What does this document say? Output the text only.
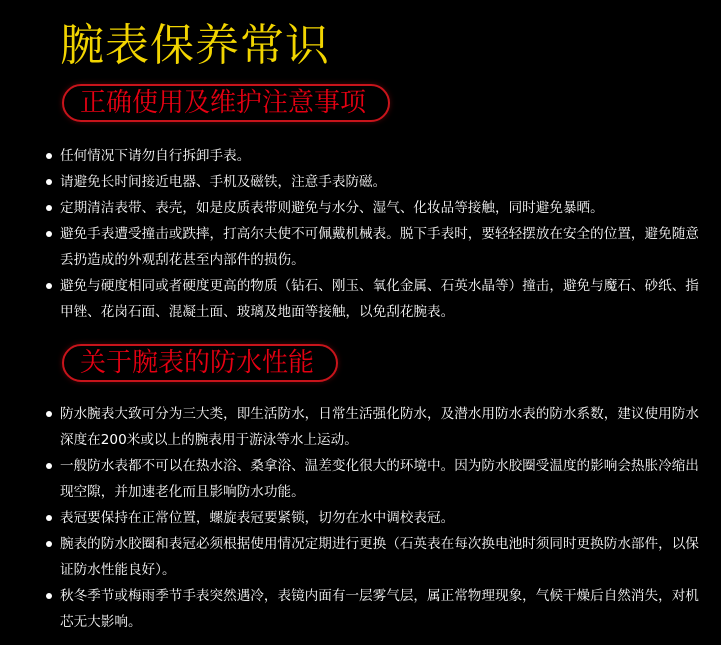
腕表保养常识
正确使用及维护注意事项
任何情况下请勿自行拆卸手表。
请避免长时间接近电器、手机及磁铁，注意手表防磁。
定期清洁表带、表壳，如是皮质表带则避免与水分、湿气、化妆品等接触，同时避免暴晒。
避免手表遭受撞击或跌摔，打高尔夫使不可佩戴机械表。脱下手表时，要轻轻摆放在安全的位置，避免随意丢扔造成的外观刮花甚至内部件的损伤。
避免与硬度相同或者硬度更高的物质（钻石、刚玉、氧化金属、石英水晶等）撞击，避免与魔石、砂纸、指甲锉、花岗石面、混凝土面、玻璃及地面等接触，以免刮花腕表。
关于腕表的防水性能
防水腕表大致可分为三大类，即生活防水，日常生活强化防水，及潜水用防水表的防水系数，建议使用防水深度在200米或以上的腕表用于游泳等水上运动。
一般防水表都不可以在热水浴、桑拿浴、温差变化很大的环境中。因为防水胶圈受温度的影响会热胀冷缩出现空隙，并加速老化而且影响防水功能。
表冠要保持在正常位置，螺旋表冠要紧锁，切勿在水中调校表冠。
腕表的防水胶圈和表冠必须根据使用情况定期进行更换（石英表在每次换电池时须同时更换防水部件，以保证防水性能良好）。
秋冬季节或梅雨季节手表突然遇冷，表镜内面有一层雾气层，属正常物理现象，气候干燥后自然消失，对机芯无大影响。
